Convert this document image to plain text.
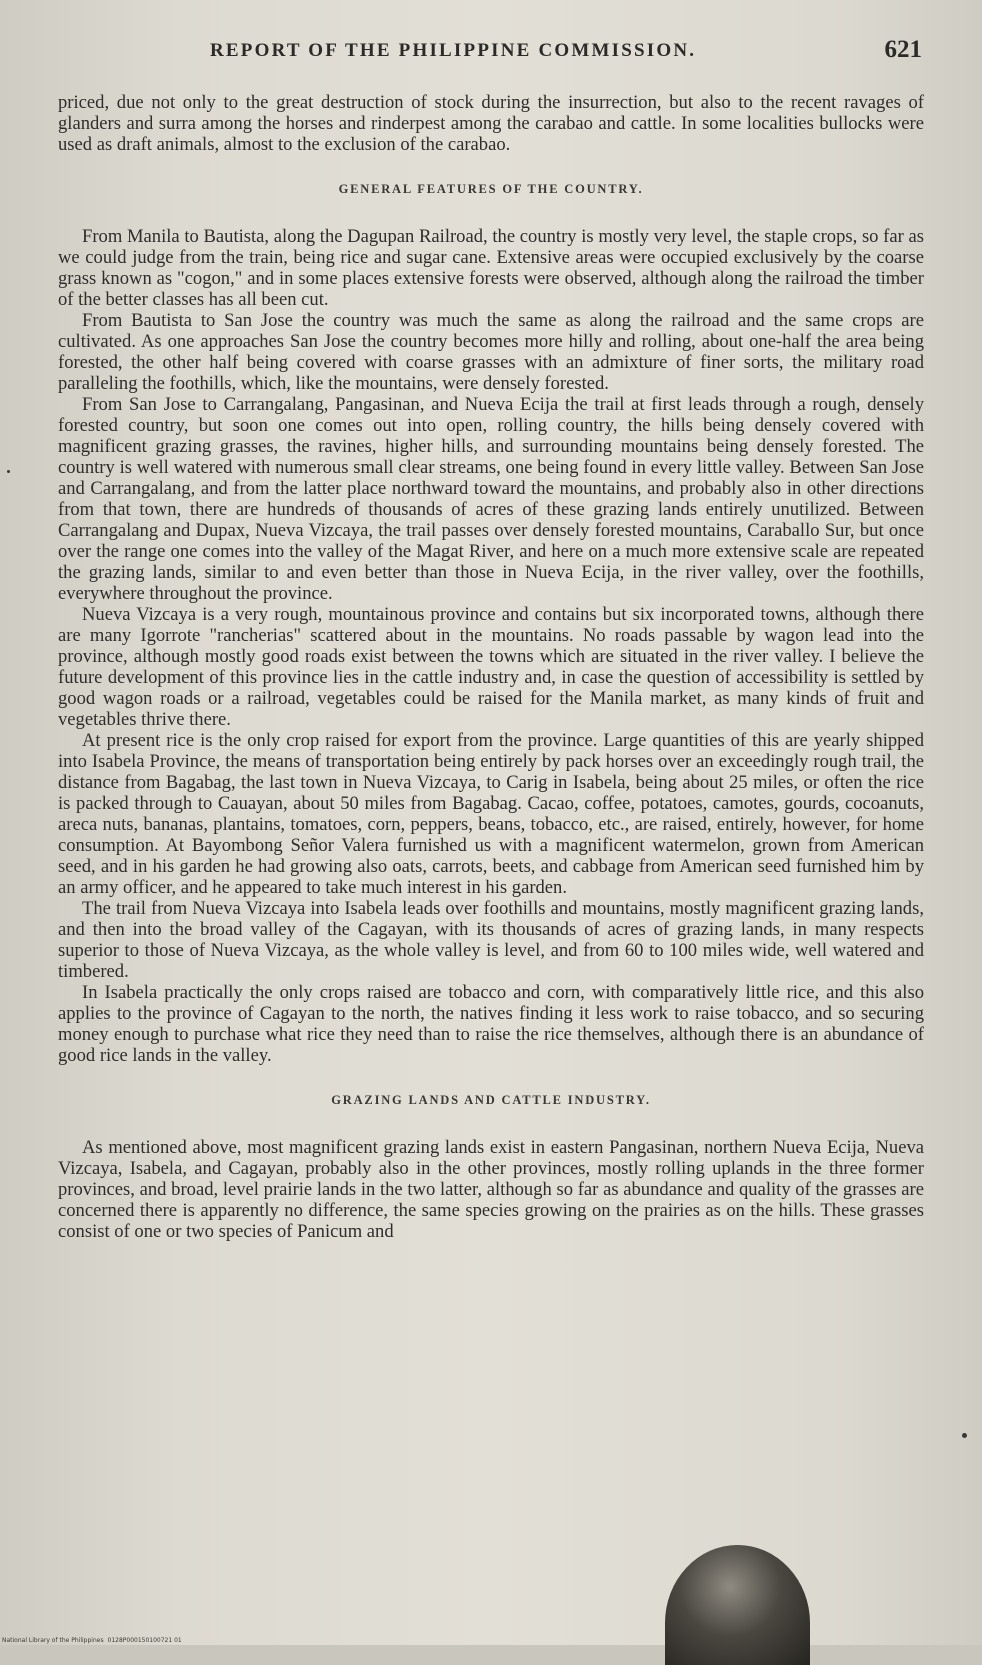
REPORT OF THE PHILIPPINE COMMISSION.	621

priced, due not only to the great destruction of stock during the insurrection, but also to the recent ravages of glanders and surra among the horses and rinderpest among the carabao and cattle. In some localities bullocks were used as draft animals, almost to the exclusion of the carabao.

GENERAL FEATURES OF THE COUNTRY.

From Manila to Bautista, along the Dagupan Railroad, the country is mostly very level, the staple crops, so far as we could judge from the train, being rice and sugar cane. Extensive areas were occupied exclusively by the coarse grass known as "cogon," and in some places extensive forests were observed, although along the railroad the timber of the better classes has all been cut.

From Bautista to San Jose the country was much the same as along the railroad and the same crops are cultivated. As one approaches San Jose the country becomes more hilly and rolling, about one-half the area being forested, the other half being covered with coarse grasses with an admixture of finer sorts, the military road paralleling the foothills, which, like the mountains, were densely forested.

From San Jose to Carrangalang, Pangasinan, and Nueva Ecija the trail at first leads through a rough, densely forested country, but soon one comes out into open, rolling country, the hills being densely covered with magnificent grazing grasses, the ravines, higher hills, and surrounding mountains being densely forested. The country is well watered with numerous small clear streams, one being found in every little valley. Between San Jose and Carrangalang, and from the latter place northward toward the mountains, and probably also in other directions from that town, there are hundreds of thousands of acres of these grazing lands entirely unutilized. Between Carrangalang and Dupax, Nueva Vizcaya, the trail passes over densely forested mountains, Caraballo Sur, but once over the range one comes into the valley of the Magat River, and here on a much more extensive scale are repeated the grazing lands, similar to and even better than those in Nueva Ecija, in the river valley, over the foothills, everywhere throughout the province.

Nueva Vizcaya is a very rough, mountainous province and contains but six incorporated towns, although there are many Igorrote "rancherias" scattered about in the mountains. No roads passable by wagon lead into the province, although mostly good roads exist between the towns which are situated in the river valley. I believe the future development of this province lies in the cattle industry and, in case the question of accessibility is settled by good wagon roads or a railroad, vegetables could be raised for the Manila market, as many kinds of fruit and vegetables thrive there.

At present rice is the only crop raised for export from the province. Large quantities of this are yearly shipped into Isabela Province, the means of transportation being entirely by pack horses over an exceedingly rough trail, the distance from Bagabag, the last town in Nueva Vizcaya, to Carig in Isabela, being about 25 miles, or often the rice is packed through to Cauayan, about 50 miles from Bagabag. Cacao, coffee, potatoes, camotes, gourds, cocoanuts, areca nuts, bananas, plantains, tomatoes, corn, peppers, beans, tobacco, etc., are raised, entirely, however, for home consumption. At Bayombong Señor Valera furnished us with a magnificent watermelon, grown from American seed, and in his garden he had growing also oats, carrots, beets, and cabbage from American seed furnished him by an army officer, and he appeared to take much interest in his garden.

The trail from Nueva Vizcaya into Isabela leads over foothills and mountains, mostly magnificent grazing lands, and then into the broad valley of the Cagayan, with its thousands of acres of grazing lands, in many respects superior to those of Nueva Vizcaya, as the whole valley is level, and from 60 to 100 miles wide, well watered and timbered.

In Isabela practically the only crops raised are tobacco and corn, with comparatively little rice, and this also applies to the province of Cagayan to the north, the natives finding it less work to raise tobacco, and so securing money enough to purchase what rice they need than to raise the rice themselves, although there is an abundance of good rice lands in the valley.

GRAZING LANDS AND CATTLE INDUSTRY.

As mentioned above, most magnificent grazing lands exist in eastern Pangasinan, northern Nueva Ecija, Nueva Vizcaya, Isabela, and Cagayan, probably also in the other provinces, mostly rolling uplands in the three former provinces, and broad, level prairie lands in the two latter, although so far as abundance and quality of the grasses are concerned there is apparently no difference, the same species growing on the prairies as on the hills. These grasses consist of one or two species of Panicum and

National Library of the Philippines 0128P000150100721 01
